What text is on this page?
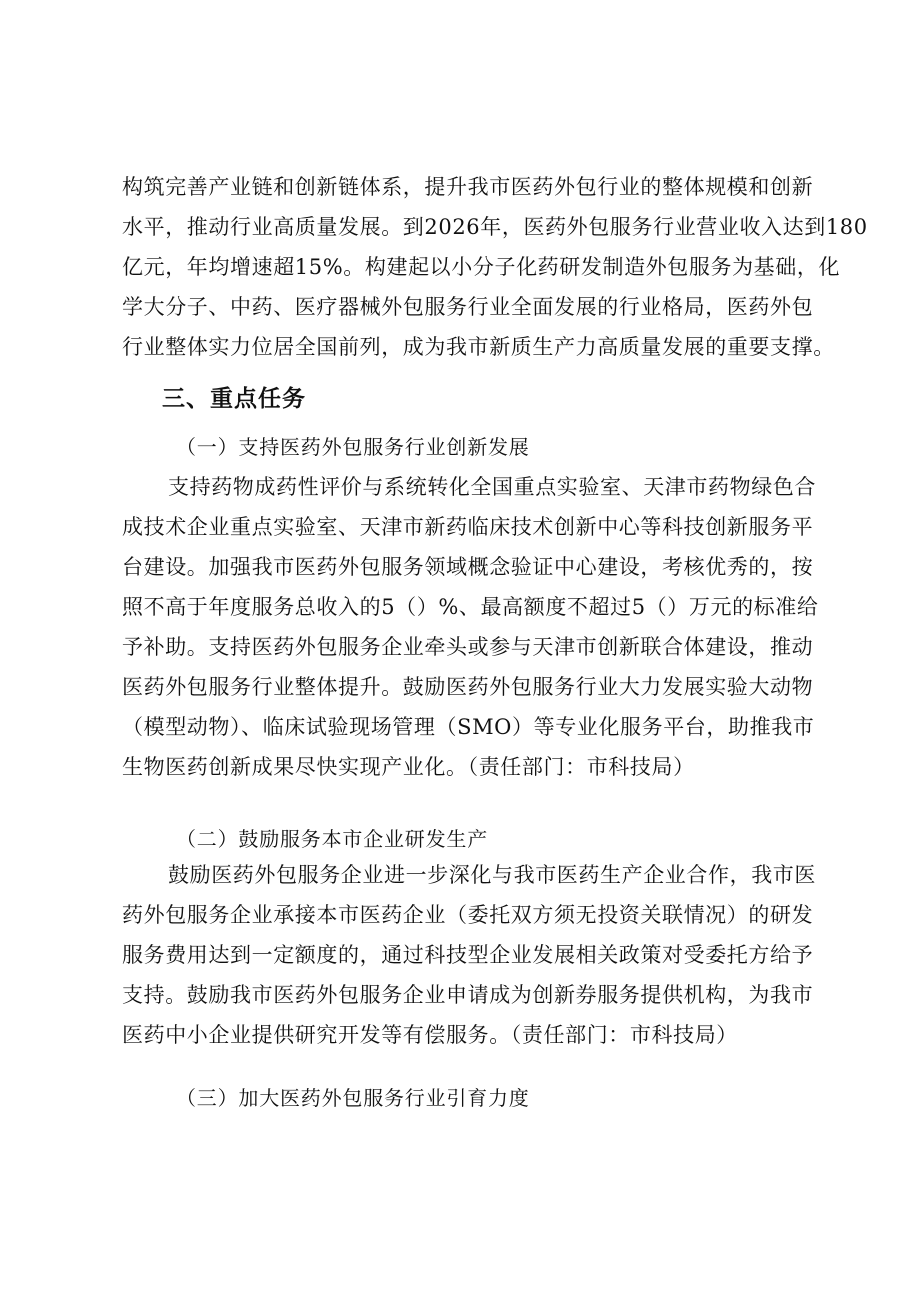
构筑完善产业链和创新链体系，提升我市医药外包行业的整体规模和创新
水平，推动行业高质量发展。到2026年，医药外包服务行业营业收入达到180
亿元，年均增速超15%。构建起以小分子化药研发制造外包服务为基础，化
学大分子、中药、医疗器械外包服务行业全面发展的行业格局，医药外包
行业整体实力位居全国前列，成为我市新质生产力高质量发展的重要支撑。
三、重点任务
（一）支持医药外包服务行业创新发展
支持药物成药性评价与系统转化全国重点实验室、天津市药物绿色合
成技术企业重点实验室、天津市新药临床技术创新中心等科技创新服务平
台建设。加强我市医药外包服务领域概念验证中心建设，考核优秀的，按
照不高于年度服务总收入的5（）%、最高额度不超过5（）万元的标准给
予补助。支持医药外包服务企业牵头或参与天津市创新联合体建设，推动
医药外包服务行业整体提升。鼓励医药外包服务行业大力发展实验大动物
（模型动物）、临床试验现场管理（SMO）等专业化服务平台，助推我市
生物医药创新成果尽快实现产业化。（责任部门：市科技局）
（二）鼓励服务本市企业研发生产
鼓励医药外包服务企业进一步深化与我市医药生产企业合作，我市医
药外包服务企业承接本市医药企业（委托双方须无投资关联情况）的研发
服务费用达到一定额度的，通过科技型企业发展相关政策对受委托方给予
支持。鼓励我市医药外包服务企业申请成为创新券服务提供机构，为我市
医药中小企业提供研究开发等有偿服务。（责任部门：市科技局）
（三）加大医药外包服务行业引育力度
